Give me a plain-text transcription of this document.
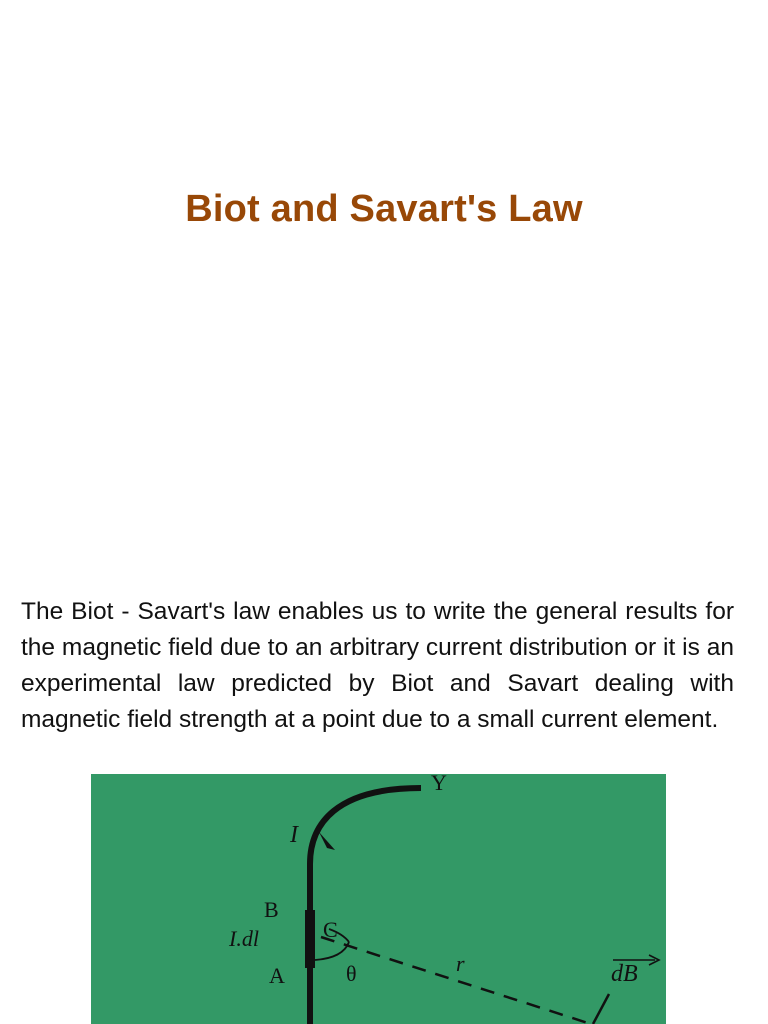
Biot and Savart's Law
The Biot - Savart's law enables us to write the general results for the magnetic field due to an arbitrary current distribution or it is an experimental law predicted by Biot and Savart dealing with magnetic field strength at a point due to a small current element.
Y
I
B
C
I.dl
A	θ	r	dB
